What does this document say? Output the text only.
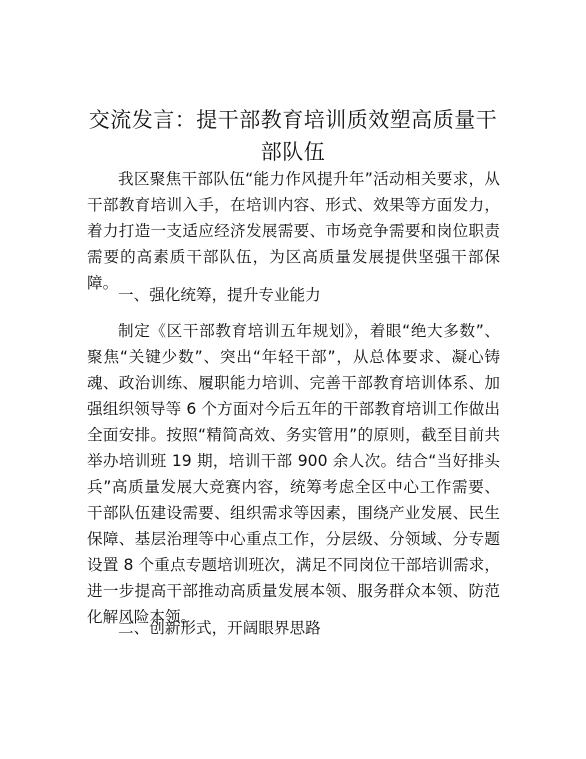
交流发言：提干部教育培训质效塑高质量干部队伍

我区聚焦干部队伍“能力作风提升年”活动相关要求，从干部教育培训入手，在培训内容、形式、效果等方面发力，着力打造一支适应经济发展需要、市场竞争需要和岗位职责需要的高素质干部队伍，为区高质量发展提供坚强干部保障。

一、强化统筹，提升专业能力

制定《区干部教育培训五年规划》，着眼“绝大多数”、聚焦“关键少数”、突出“年轻干部”，从总体要求、凝心铸魂、政治训练、履职能力培训、完善干部教育培训体系、加强组织领导等 6 个方面对今后五年的干部教育培训工作做出全面安排。按照“精简高效、务实管用”的原则，截至目前共举办培训班 19 期，培训干部 900 余人次。结合“当好排头兵”高质量发展大竞赛内容，统筹考虑全区中心工作需要、干部队伍建设需要、组织需求等因素，围绕产业发展、民生保障、基层治理等中心重点工作，分层级、分领域、分专题设置 8 个重点专题培训班次，满足不同岗位干部培训需求，进一步提高干部推动高质量发展本领、服务群众本领、防范化解风险本领。

二、创新形式，开阔眼界思路
